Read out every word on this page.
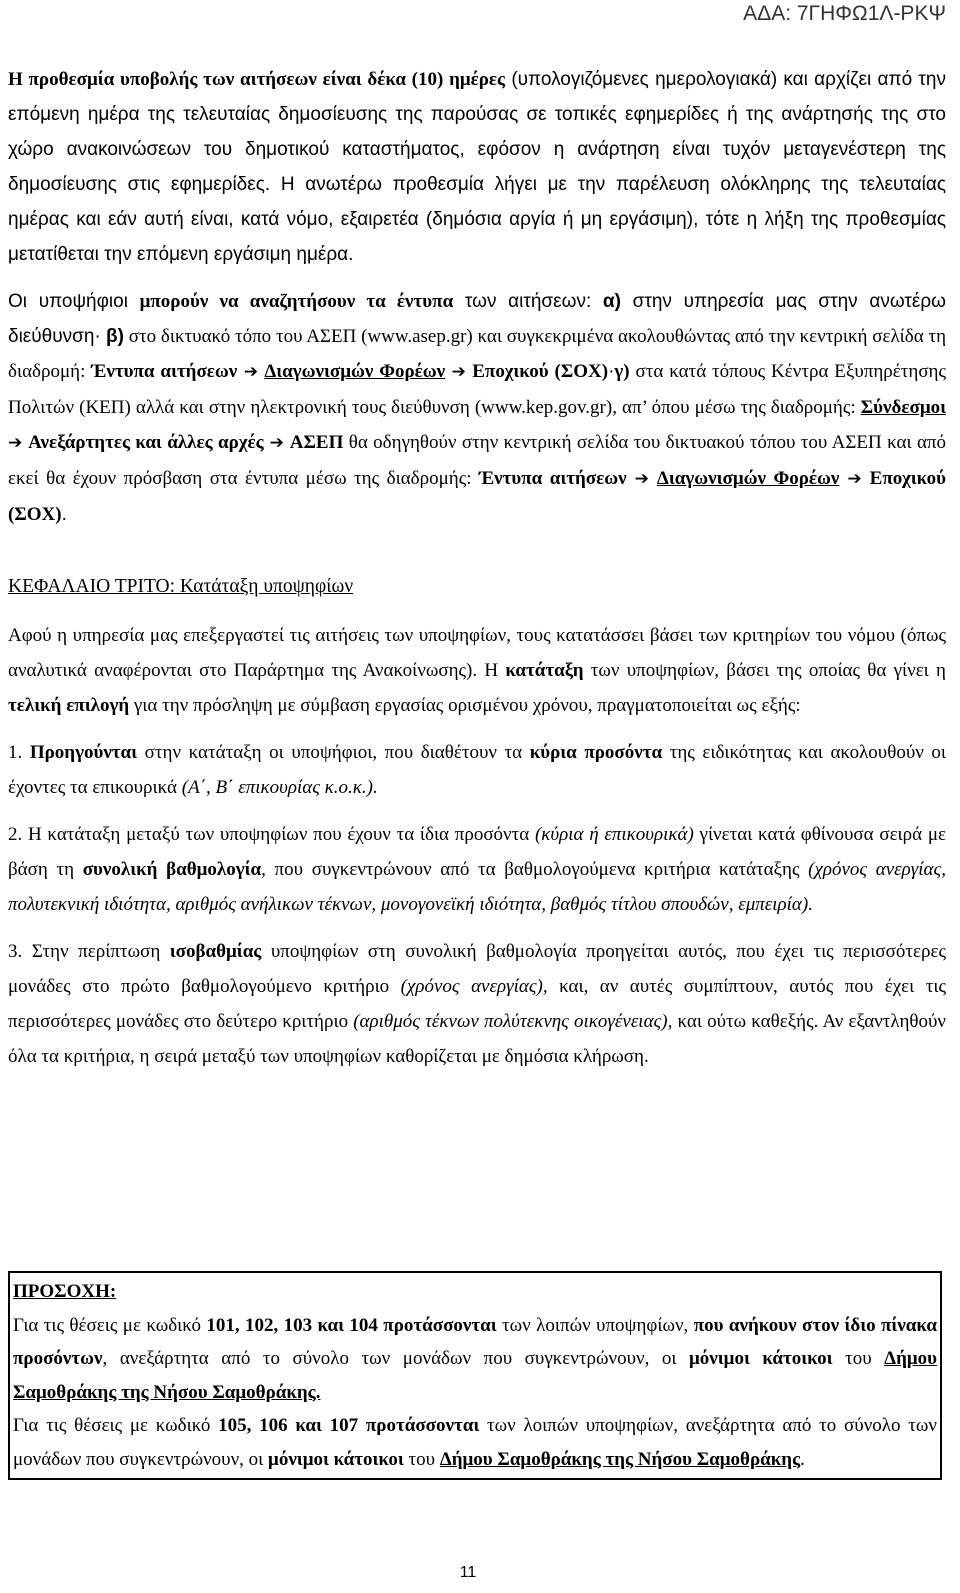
ΑΔΑ: 7ΓΗΦΩ1Λ-ΡΚΨ

Η προθεσμία υποβολής των αιτήσεων είναι δέκα (10) ημέρες (υπολογιζόμενες ημερολογιακά) και αρχίζει από την επόμενη ημέρα της τελευταίας δημοσίευσης της παρούσας σε τοπικές εφημερίδες ή της ανάρτησής της στο χώρο ανακοινώσεων του δημοτικού καταστήματος, εφόσον η ανάρτηση είναι τυχόν μεταγενέστερη της δημοσίευσης στις εφημερίδες. Η ανωτέρω προθεσμία λήγει με την παρέλευση ολόκληρης της τελευταίας ημέρας και εάν αυτή είναι, κατά νόμο, εξαιρετέα (δημόσια αργία ή μη εργάσιμη), τότε η λήξη της προθεσμίας μετατίθεται την επόμενη εργάσιμη ημέρα.

Οι υποψήφιοι μπορούν να αναζητήσουν τα έντυπα των αιτήσεων: α) στην υπηρεσία μας στην ανωτέρω διεύθυνση· β) στο δικτυακό τόπο του ΑΣΕΠ (www.asep.gr) και συγκεκριμένα ακολουθώντας από την κεντρική σελίδα τη διαδρομή: Έντυπα αιτήσεων ➔ Διαγωνισμών Φορέων ➔ Εποχικού (ΣΟΧ)·γ) στα κατά τόπους Κέντρα Εξυπηρέτησης Πολιτών (ΚΕΠ) αλλά και στην ηλεκτρονική τους διεύθυνση (www.kep.gov.gr), απ’ όπου μέσω της διαδρομής: Σύνδεσμοι ➔ Ανεξάρτητες και άλλες αρχές ➔ ΑΣΕΠ θα οδηγηθούν στην κεντρική σελίδα του δικτυακού τόπου του ΑΣΕΠ και από εκεί θα έχουν πρόσβαση στα έντυπα μέσω της διαδρομής: Έντυπα αιτήσεων ➔ Διαγωνισμών Φορέων ➔ Εποχικού (ΣΟΧ).

ΚΕΦΑΛΑΙΟ ΤΡΙΤΟ: Κατάταξη υποψηφίων

Αφού η υπηρεσία μας επεξεργαστεί τις αιτήσεις των υποψηφίων, τους κατατάσσει βάσει των κριτηρίων του νόμου (όπως αναλυτικά αναφέρονται στο Παράρτημα της Ανακοίνωσης). Η κατάταξη των υποψηφίων, βάσει της οποίας θα γίνει η τελική επιλογή για την πρόσληψη με σύμβαση εργασίας ορισμένου χρόνου, πραγματοποιείται ως εξής:

1. Προηγούνται στην κατάταξη οι υποψήφιοι, που διαθέτουν τα κύρια προσόντα της ειδικότητας και ακολουθούν οι έχοντες τα επικουρικά (Α΄, Β΄ επικουρίας κ.ο.κ.).

2. Η κατάταξη μεταξύ των υποψηφίων που έχουν τα ίδια προσόντα (κύρια ή επικουρικά) γίνεται κατά φθίνουσα σειρά με βάση τη συνολική βαθμολογία, που συγκεντρώνουν από τα βαθμολογούμενα κριτήρια κατάταξης (χρόνος ανεργίας, πολυτεκνική ιδιότητα, αριθμός ανήλικων τέκνων, μονογονεϊκή ιδιότητα, βαθμός τίτλου σπουδών, εμπειρία).

3. Στην περίπτωση ισοβαθμίας υποψηφίων στη συνολική βαθμολογία προηγείται αυτός, που έχει τις περισσότερες μονάδες στο πρώτο βαθμολογούμενο κριτήριο (χρόνος ανεργίας), και, αν αυτές συμπίπτουν, αυτός που έχει τις περισσότερες μονάδες στο δεύτερο κριτήριο (αριθμός τέκνων πολύτεκνης οικογένειας), και ούτω καθεξής. Αν εξαντληθούν όλα τα κριτήρια, η σειρά μεταξύ των υποψηφίων καθορίζεται με δημόσια κλήρωση.

ΠΡΟΣΟΧΗ:

Για τις θέσεις με κωδικό 101, 102, 103 και 104 προτάσσονται των λοιπών υποψηφίων, που ανήκουν στον ίδιο πίνακα προσόντων, ανεξάρτητα από το σύνολο των μονάδων που συγκεντρώνουν, οι μόνιμοι κάτοικοι του Δήμου Σαμοθράκης της Νήσου Σαμοθράκης.

Για τις θέσεις με κωδικό 105, 106 και 107 προτάσσονται των λοιπών υποψηφίων, ανεξάρτητα από το σύνολο των μονάδων που συγκεντρώνουν, οι μόνιμοι κάτοικοι του Δήμου Σαμοθράκης της Νήσου Σαμοθράκης.

11
